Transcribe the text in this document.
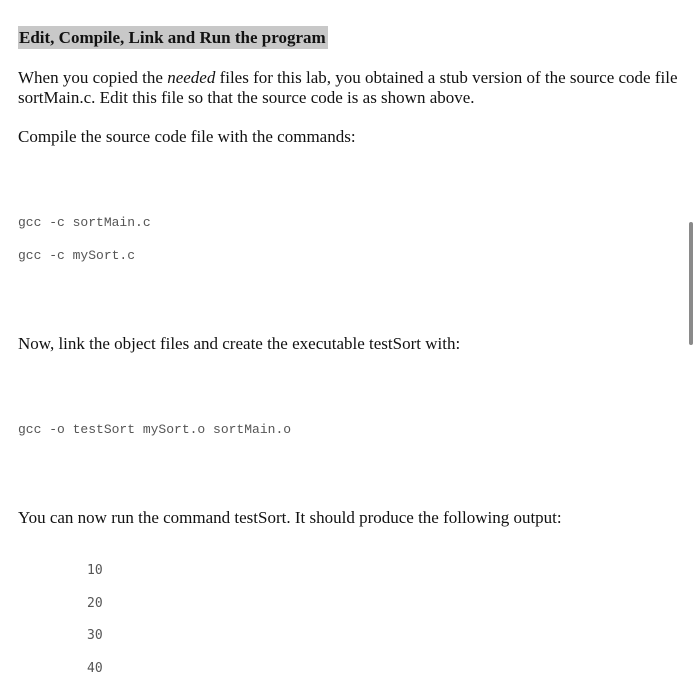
Edit, Compile, Link and Run the program
When you copied the needed files for this lab, you obtained a stub version of the source code file sortMain.c. Edit this file so that the source code is as shown above.
Compile the source code file with the commands:
gcc -c sortMain.c
gcc -c mySort.c
Now, link the object files and create the executable testSort with:
gcc -o testSort mySort.o sortMain.o
You can now run the command testSort. It should produce the following output:
10
20
30
40
